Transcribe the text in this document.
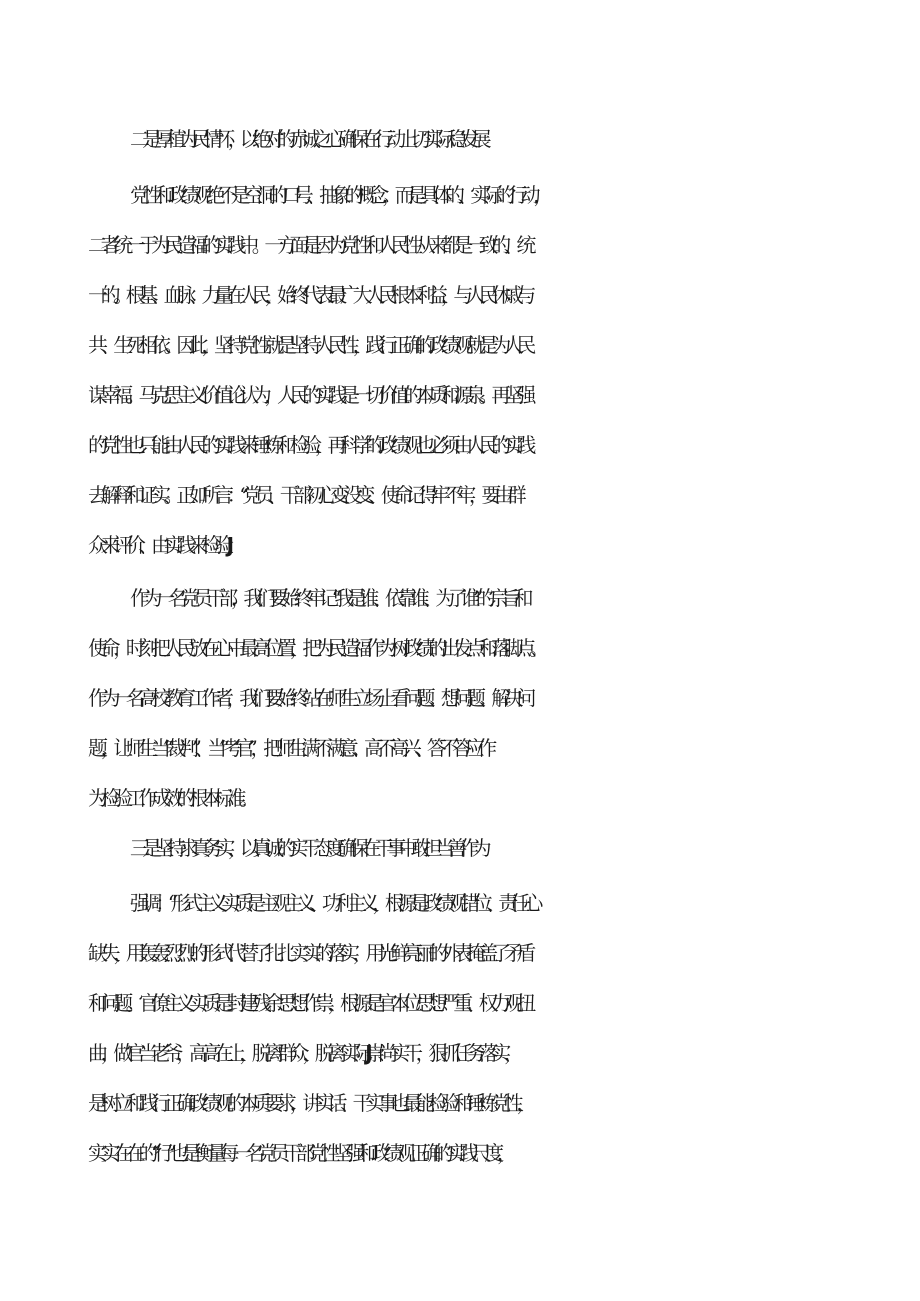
二是厚植为民情怀，以绝对的赤诚之心确保在行动上切实际稳发展
党性和政绩观绝不是空洞的口号、抽象的概念，而是具体的、实际的行动，
二者统一于为民造福的实践中。一方面是因为党性和人民性从来都是一致的、统
一的。根基、血脉、力量在人民，始终代表最广大人民根本利益，与人民休戚与
共、生死相依。因此，坚持党性就是坚持人民性，践行正确的政绩观就是为人民
谋幸福。马克思主义价值论认为，人民的实践是一切价值的本质和源泉。再坚强
的党性也只能由人民的实践来锤炼和检验，再科学的政绩观也必须由人民的实践
去解释和证实。正如所言：“党员、干部初心变没变、使命记得牢不牢，要由群
众来评价、由实践来检验J
作为一名党员干部，我们要始终牢记“我是谁、依靠谁、为了谁”的宗旨和
使命，时刻把人民放在心中最高位置，把为民造福作为树政绩的出发点和落脚点。
作为一名高校教育工作者，我们要始终站在师生立场上看问题、想问题、解决问
题，让师生当“裁判”、当“考官”，把师生满不满意、高不高兴、答不答应作
为检验工作成效的根本标准。
三是坚持求真务实，以真诚的实干态度确保在干事中敢担当善作为
强调：“形式主义实质是主观主义、功利主义，根源是政绩观错位、责任心
缺失，用轰轰烈烈的形式代替了扎扎实实的落实，用光鲜亮丽的外表掩盖了矛盾
和问题。官僚主义实质是封建残余思想作祟，根源是官本位思想严重、权力观扭
曲，做官当老爷，高高在上，脱离群众，脱离实际J崇尚实干，狠抓任务落实，
是树立和践行正确政绩观的本质要求，讲实话、干实事也最能检验和锤炼党性，
实实在在的“行”也是衡量每一名党员干部党性坚强和政绩观正确的实践尺度，
